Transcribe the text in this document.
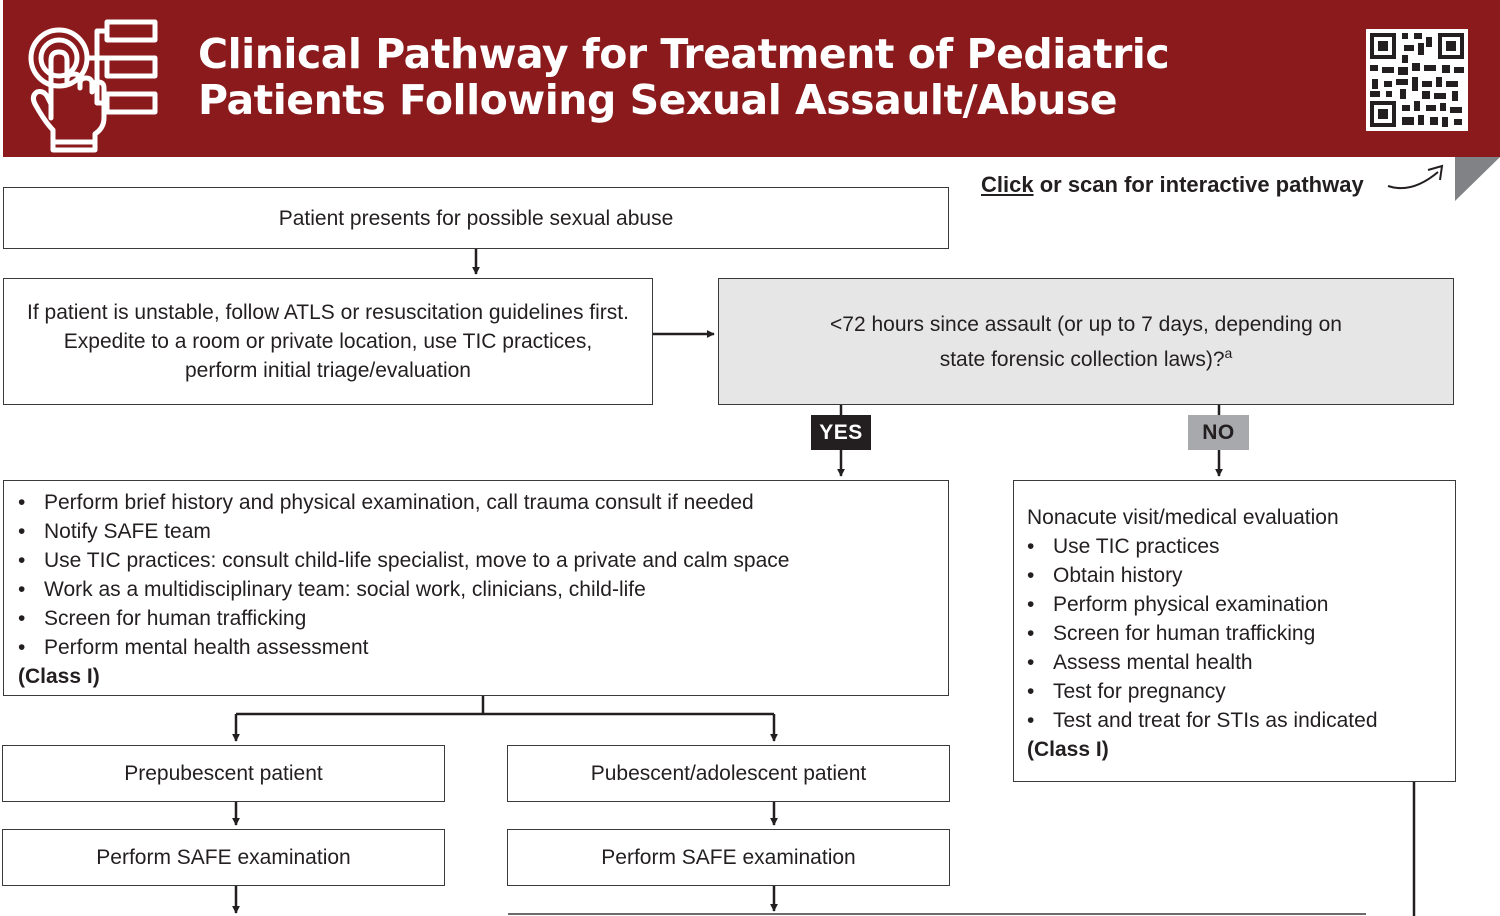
Clinical Pathway for Treatment of Pediatric
Patients Following Sexual Assault/Abuse
Click or scan for interactive pathway
Patient presents for possible sexual abuse
If patient is unstable, follow ATLS or resuscitation guidelines first.
Expedite to a room or private location, use TIC practices,
perform initial triage/evaluation
<72 hours since assault (or up to 7 days, depending on
state forensic collection laws)?$^a$
YES	NO
• Perform brief history and physical examination, call trauma consult if needed
• Notify SAFE team
• Use TIC practices: consult child-life specialist, move to a private and calm space
• Work as a multidisciplinary team: social work, clinicians, child-life
• Screen for human trafficking
• Perform mental health assessment
(Class I)
Nonacute visit/medical evaluation
• Use TIC practices
• Obtain history
• Perform physical examination
• Screen for human trafficking
• Assess mental health
• Test for pregnancy
• Test and treat for STIs as indicated
(Class I)
Prepubescent patient	Pubescent/adolescent patient
Perform SAFE examination	Perform SAFE examination
